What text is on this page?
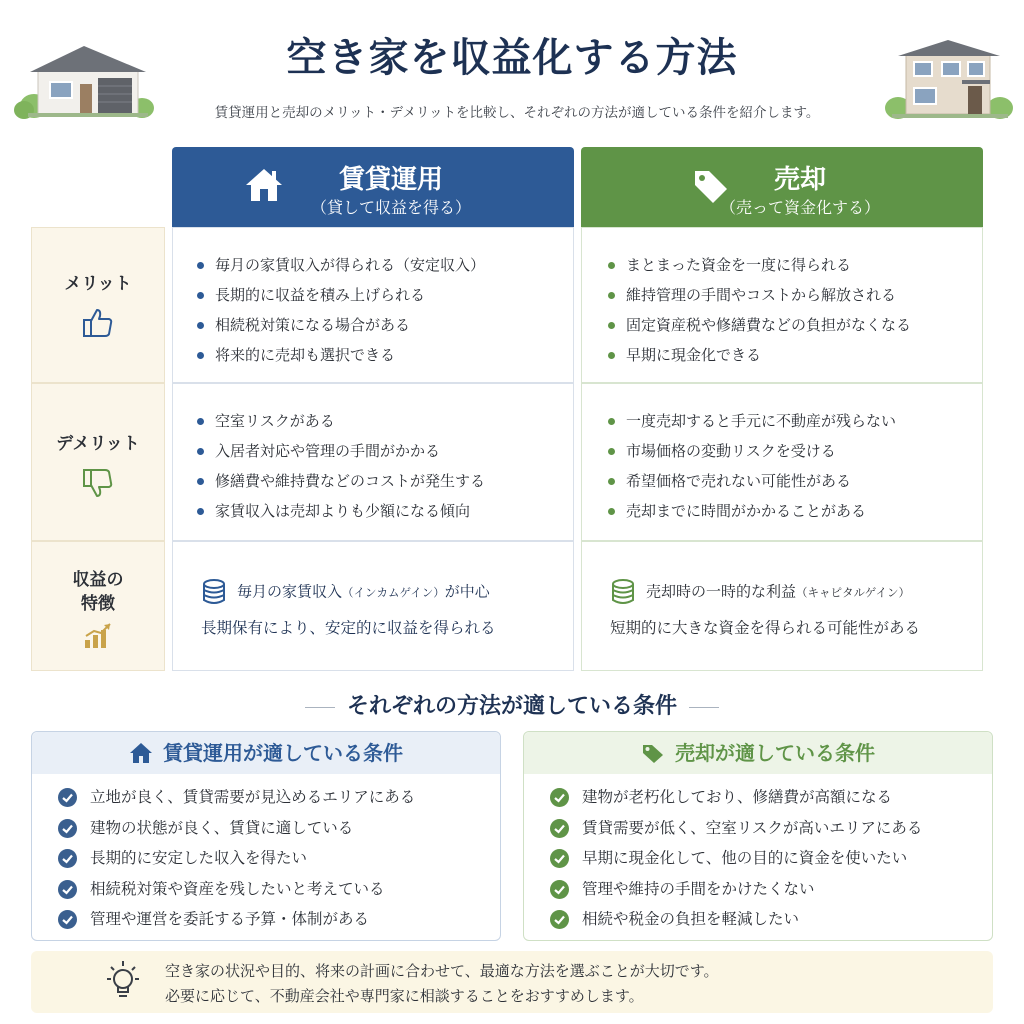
空き家を収益化する方法
賃貸運用と売却のメリット・デメリットを比較し、それぞれの方法が適している条件を紹介します。
賃貸運用
（貸して収益を得る）
売却
（売って資金化する）
メリット
毎月の家賃収入が得られる（安定収入）
長期的に収益を積み上げられる
相続税対策になる場合がある
将来的に売却も選択できる
まとまった資金を一度に得られる
維持管理の手間やコストから解放される
固定資産税や修繕費などの負担がなくなる
早期に現金化できる
デメリット
空室リスクがある
入居者対応や管理の手間がかかる
修繕費や維持費などのコストが発生する
家賃収入は売却よりも少額になる傾向
一度売却すると手元に不動産が残らない
市場価格の変動リスクを受ける
希望価格で売れない可能性がある
売却までに時間がかかることがある
収益の
特徴
毎月の家賃収入（インカムゲイン）が中心
長期保有により、安定的に収益を得られる
売却時の一時的な利益（キャピタルゲイン）
短期的に大きな資金を得られる可能性がある
それぞれの方法が適している条件
賃貸運用が適している条件
立地が良く、賃貸需要が見込めるエリアにある
建物の状態が良く、賃貸に適している
長期的に安定した収入を得たい
相続税対策や資産を残したいと考えている
管理や運営を委託する予算・体制がある
売却が適している条件
建物が老朽化しており、修繕費が高額になる
賃貸需要が低く、空室リスクが高いエリアにある
早期に現金化して、他の目的に資金を使いたい
管理や維持の手間をかけたくない
相続や税金の負担を軽減したい
空き家の状況や目的、将来の計画に合わせて、最適な方法を選ぶことが大切です。
必要に応じて、不動産会社や専門家に相談することをおすすめします。
